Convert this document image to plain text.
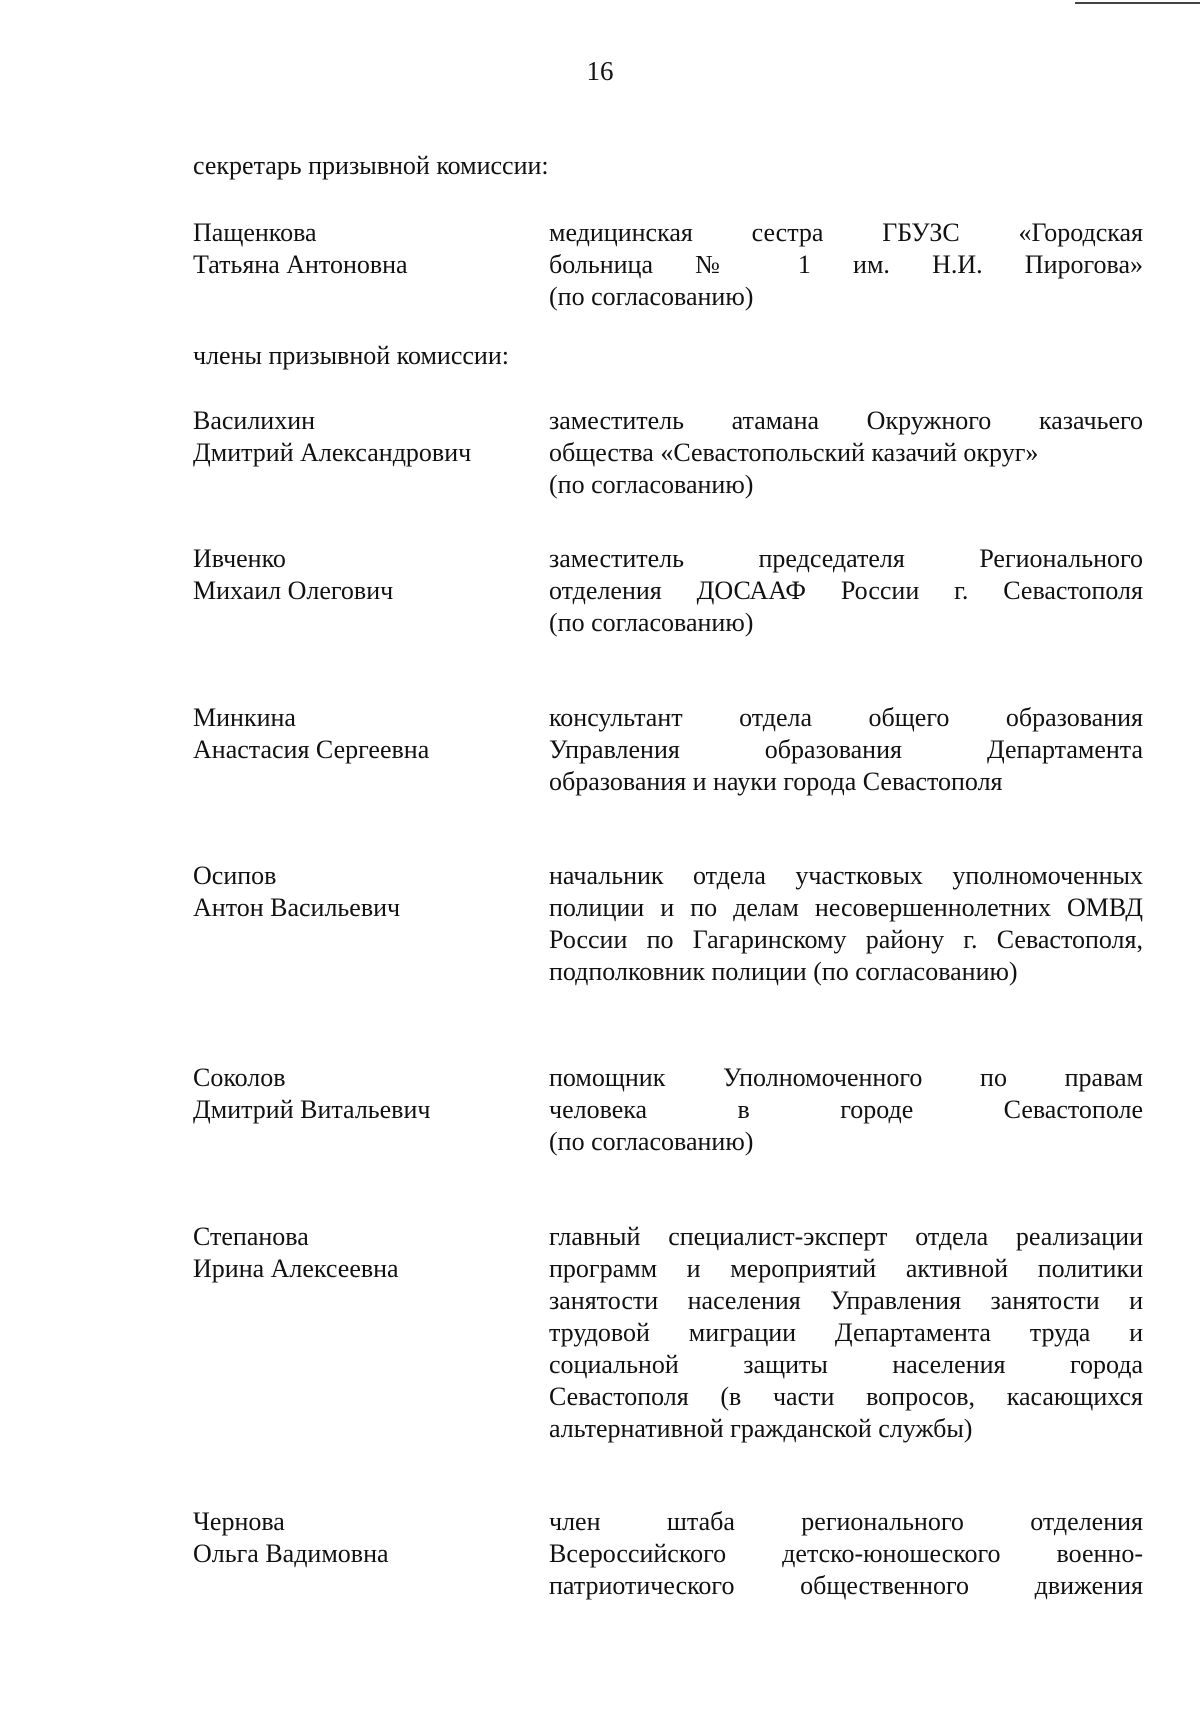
16
секретарь призывной комиссии:
Пащенкова
Татьяна Антоновна
медицинская сестра ГБУЗС «Городская
больница № 1 им. Н.И. Пирогова»
(по согласованию)
члены призывной комиссии:
Василихин
Дмитрий Александрович
заместитель атамана Окружного казачьего
общества «Севастопольский казачий округ»
(по согласованию)
Ивченко
Михаил Олегович
заместитель председателя Регионального
отделения ДОСААФ России г. Севастополя
(по согласованию)
Минкина
Анастасия Сергеевна
консультант отдела общего образования
Управления образования Департамента
образования и науки города Севастополя
Осипов
Антон Васильевич
начальник отдела участковых уполномоченных
полиции и по делам несовершеннолетних ОМВД
России по Гагаринскому району г. Севастополя,
подполковник полиции (по согласованию)
Соколов
Дмитрий Витальевич
помощник Уполномоченного по правам
человека в городе Севастополе
(по согласованию)
Степанова
Ирина Алексеевна
главный специалист-эксперт отдела реализации
программ и мероприятий активной политики
занятости населения Управления занятости и
трудовой миграции Департамента труда и
социальной защиты населения города
Севастополя (в части вопросов, касающихся
альтернативной гражданской службы)
Чернова
Ольга Вадимовна
член штаба регионального отделения
Всероссийского детско-юношеского военно-
патриотического общественного движения
